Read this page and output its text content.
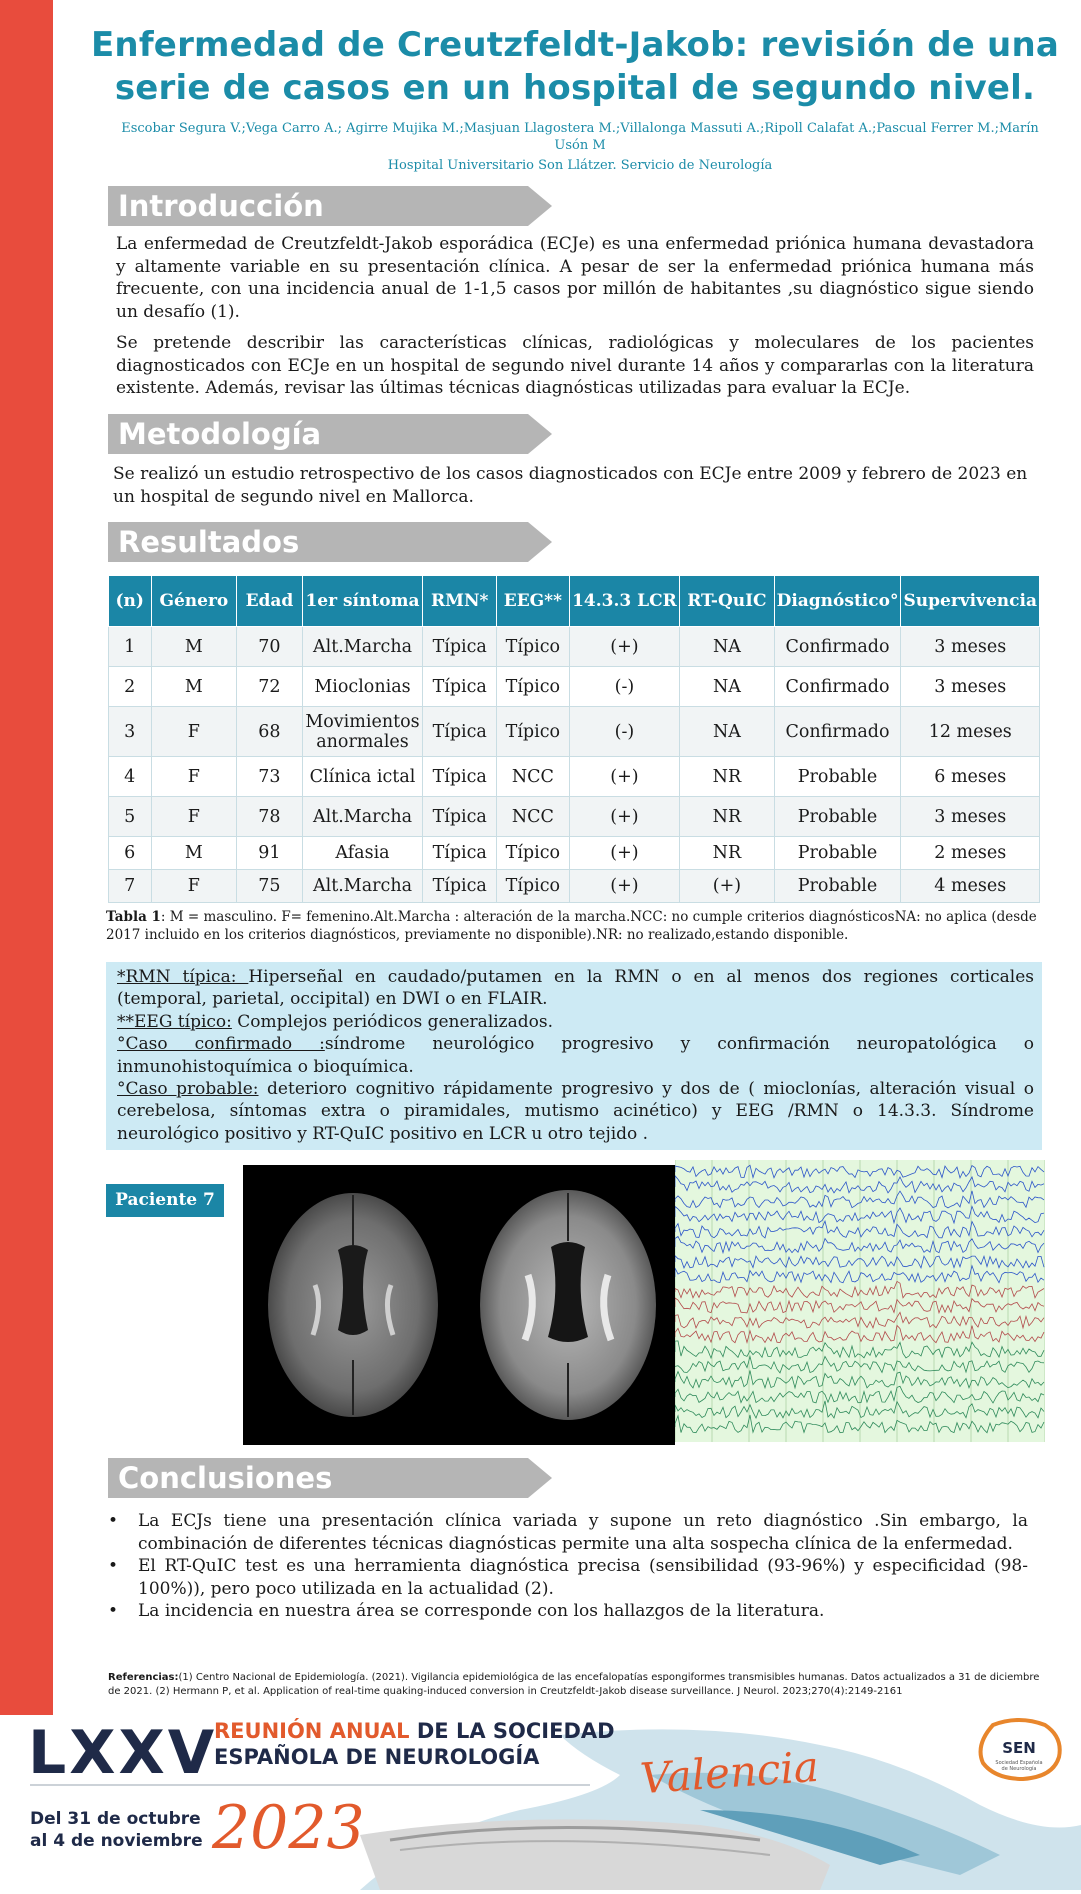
Enfermedad de Creutzfeldt-Jakob: revisión de una serie de casos en un hospital de segundo nivel.
Escobar Segura V.;Vega Carro A.; Agirre Mujika M.;Masjuan Llagostera M.;Villalonga Massuti A.;Ripoll Calafat A.;Pascual Ferrer M.;Marín Usón M
Hospital Universitario Son Llátzer. Servicio de Neurología
Introducción

La enfermedad de Creutzfeldt-Jakob esporádica (ECJe) es una enfermedad priónica humana devastadora y altamente variable en su presentación clínica. A pesar de ser la enfermedad priónica humana más frecuente, con una incidencia anual de 1-1,5 casos por millón de habitantes ,su diagnóstico sigue siendo un desafío (1).

Se pretende describir las características clínicas, radiológicas y moleculares de los pacientes diagnosticados con ECJe en un hospital de segundo nivel durante 14 años y compararlas con la literatura existente. Además, revisar las últimas técnicas diagnósticas utilizadas para evaluar la ECJe.

Metodología
Se realizó un estudio retrospectivo de los casos diagnosticados con ECJe entre 2009 y febrero de 2023 en un hospital de segundo nivel en Mallorca.
Resultados
(n)	Género	Edad	1er síntoma	RMN*	EEG**	14.3.3 LCR	RT-QuIC	Diagnóstico°	Supervivencia
1	M	70	Alt.Marcha	Típica	Típico	(+)	NA	Confirmado	3 meses
2	M	72	Mioclonias	Típica	Típico	(-)	NA	Confirmado	3 meses
3	F	68	Movimientos anormales	Típica	Típico	(-)	NA	Confirmado	12 meses
4	F	73	Clínica ictal	Típica	NCC	(+)	NR	Probable	6 meses
5	F	78	Alt.Marcha	Típica	NCC	(+)	NR	Probable	3 meses
6	M	91	Afasia	Típica	Típico	(+)	NR	Probable	2 meses
7	F	75	Alt.Marcha	Típica	Típico	(+)	(+)	Probable	4 meses
Tabla 1: M = masculino. F= femenino.Alt.Marcha : alteración de la marcha.NCC: no cumple criterios diagnósticosNA: no aplica (desde 2017 incluido en los criterios diagnósticos, previamente no disponible).NR: no realizado,estando disponible.
*RMN típica: Hiperseñal en caudado/putamen en la RMN o en al menos dos regiones corticales (temporal, parietal, occipital) en DWI o en FLAIR.
**EEG típico: Complejos periódicos generalizados.
°Caso confirmado :síndrome neurológico progresivo y confirmación neuropatológica o inmunohistoquímica o bioquímica.
°Caso probable: deterioro cognitivo rápidamente progresivo y dos de ( mioclonías, alteración visual o cerebelosa, síntomas extra o piramidales, mutismo acinético) y EEG /RMN o 14.3.3. Síndrome neurológico positivo y RT-QuIC positivo en LCR u otro tejido .
Paciente 7
Conclusiones
• La ECJs tiene una presentación clínica variada y supone un reto diagnóstico .Sin embargo, la combinación de diferentes técnicas diagnósticas permite una alta sospecha clínica de la enfermedad.
• El RT-QuIC test es una herramienta diagnóstica precisa (sensibilidad (93-96%) y especificidad (98-100%)), pero poco utilizada en la actualidad (2).
• La incidencia en nuestra área se corresponde con los hallazgos de la literatura.
Referencias:(1) Centro Nacional de Epidemiología. (2021). Vigilancia epidemiológica de las encefalopatías espongiformes transmisibles humanas. Datos actualizados a 31 de diciembre de 2021. (2) Hermann P, et al. Application of real-time quaking-induced conversion in Creutzfeldt-Jakob disease surveillance. J Neurol. 2023;270(4):2149-2161
LXXV
REUNIÓN ANUAL DE LA SOCIEDAD
ESPAÑOLA DE NEUROLOGÍA Valencia
Del 31 de octubre
al 4 de noviembre 2023
SEN
Sociedad Española
de Neurología
